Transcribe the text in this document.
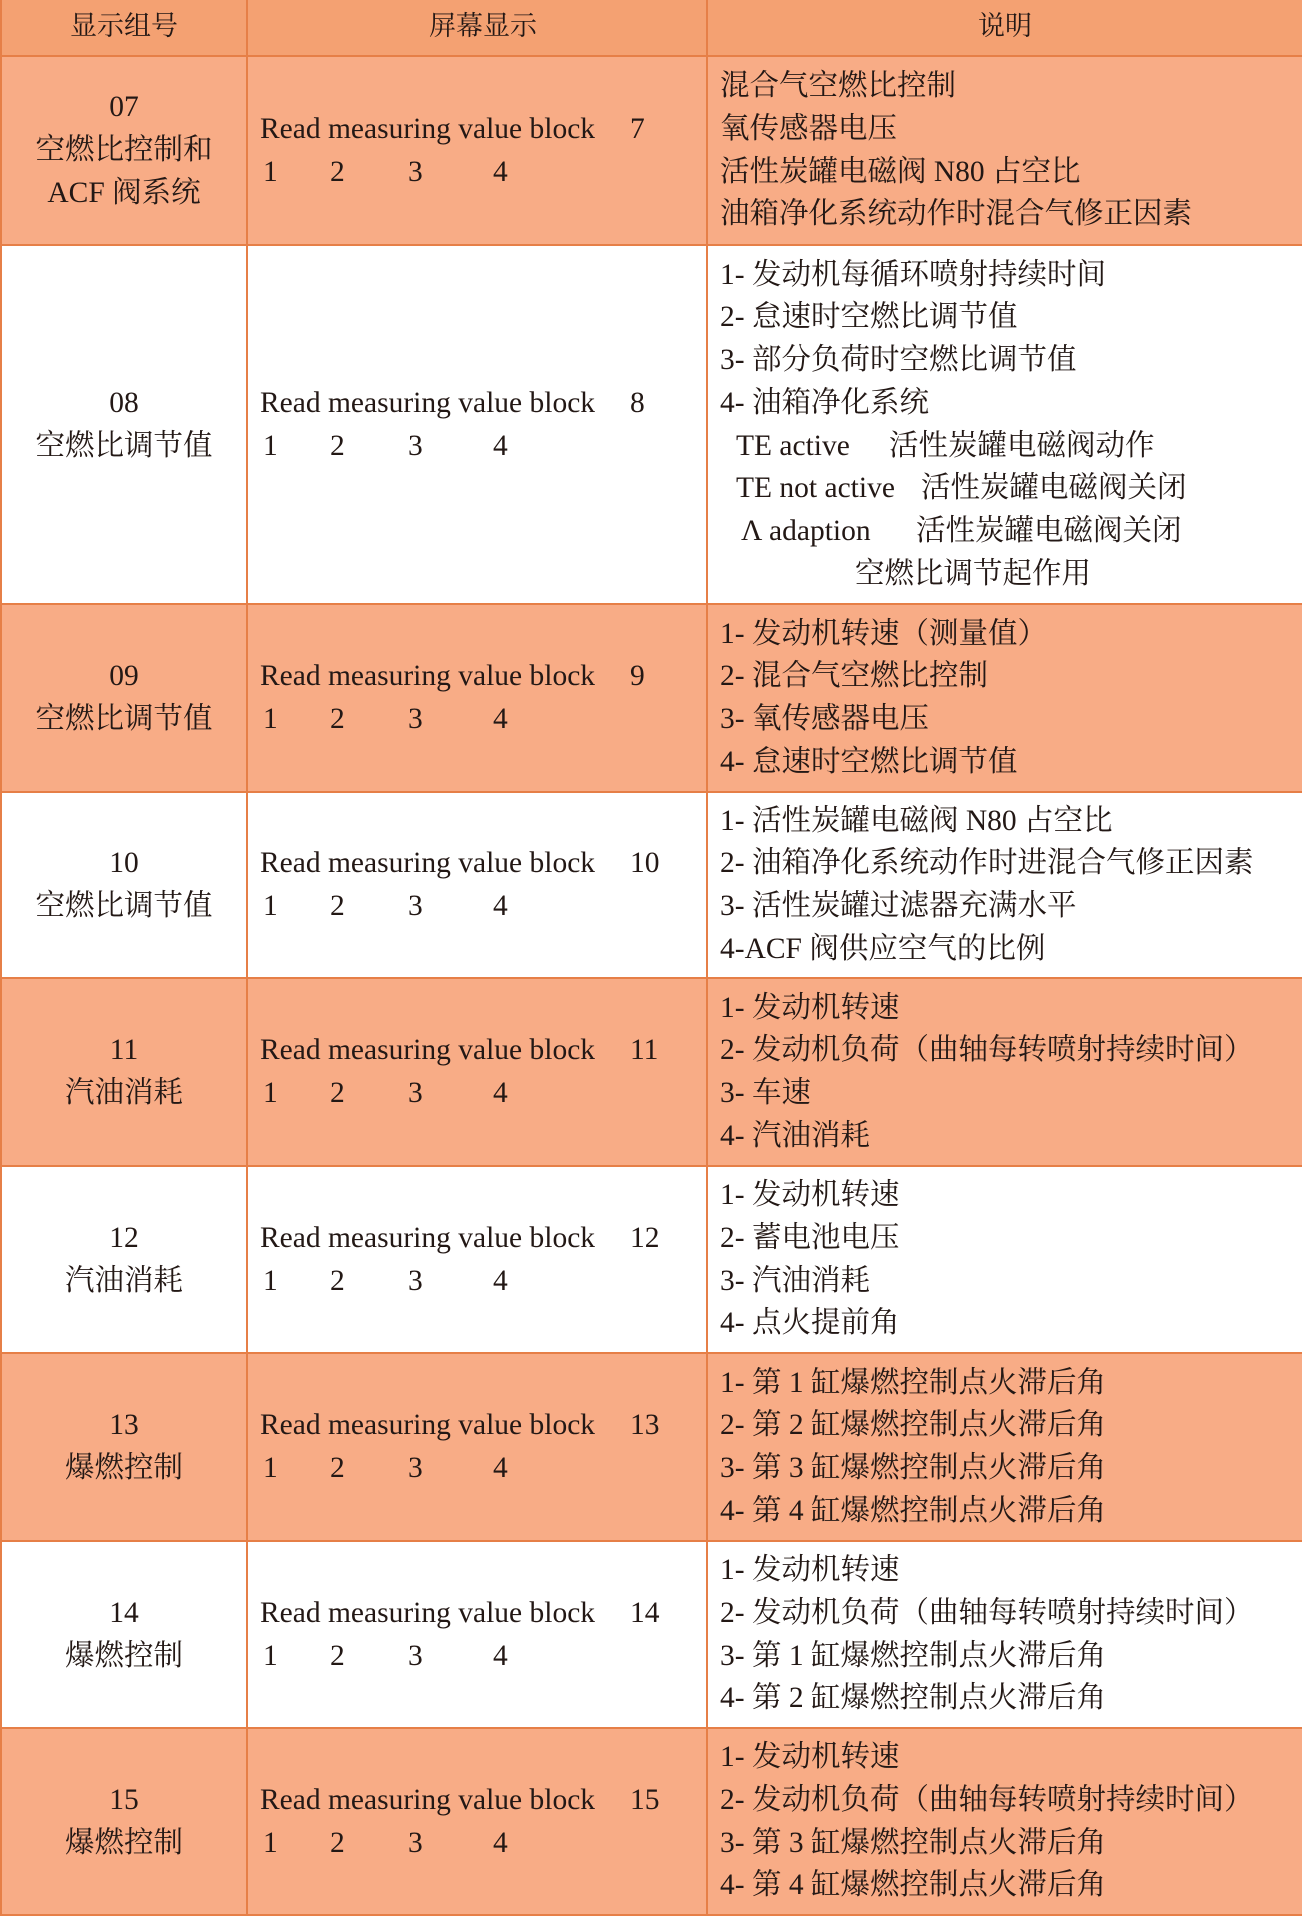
显示组号	屏幕显示	说明
07
空燃比控制和
ACF 阀系统
Read measuring value block 7
1 2 3 4
混合气空燃比控制
氧传感器电压
活性炭罐电磁阀 N80 占空比
油箱净化系统动作时混合气修正因素
08
空燃比调节值
Read measuring value block 8
1 2 3 4
1- 发动机每循环喷射持续时间
2- 怠速时空燃比调节值
3- 部分负荷时空燃比调节值
4- 油箱净化系统
TE active 活性炭罐电磁阀动作
TE not active 活性炭罐电磁阀关闭
Λ adaption 活性炭罐电磁阀关闭
空燃比调节起作用
09
空燃比调节值
Read measuring value block 9
1 2 3 4
1- 发动机转速（测量值）
2- 混合气空燃比控制
3- 氧传感器电压
4- 怠速时空燃比调节值
10
空燃比调节值
Read measuring value block 10
1 2 3 4
1- 活性炭罐电磁阀 N80 占空比
2- 油箱净化系统动作时进混合气修正因素
3- 活性炭罐过滤器充满水平
4-ACF 阀供应空气的比例
11
汽油消耗
Read measuring value block 11
1 2 3 4
1- 发动机转速
2- 发动机负荷（曲轴每转喷射持续时间）
3- 车速
4- 汽油消耗
12
汽油消耗
Read measuring value block 12
1 2 3 4
1- 发动机转速
2- 蓄电池电压
3- 汽油消耗
4- 点火提前角
13
爆燃控制
Read measuring value block 13
1 2 3 4
1- 第 1 缸爆燃控制点火滞后角
2- 第 2 缸爆燃控制点火滞后角
3- 第 3 缸爆燃控制点火滞后角
4- 第 4 缸爆燃控制点火滞后角
14
爆燃控制
Read measuring value block 14
1 2 3 4
1- 发动机转速
2- 发动机负荷（曲轴每转喷射持续时间）
3- 第 1 缸爆燃控制点火滞后角
4- 第 2 缸爆燃控制点火滞后角
15
爆燃控制
Read measuring value block 15
1 2 3 4
1- 发动机转速
2- 发动机负荷（曲轴每转喷射持续时间）
3- 第 3 缸爆燃控制点火滞后角
4- 第 4 缸爆燃控制点火滞后角
